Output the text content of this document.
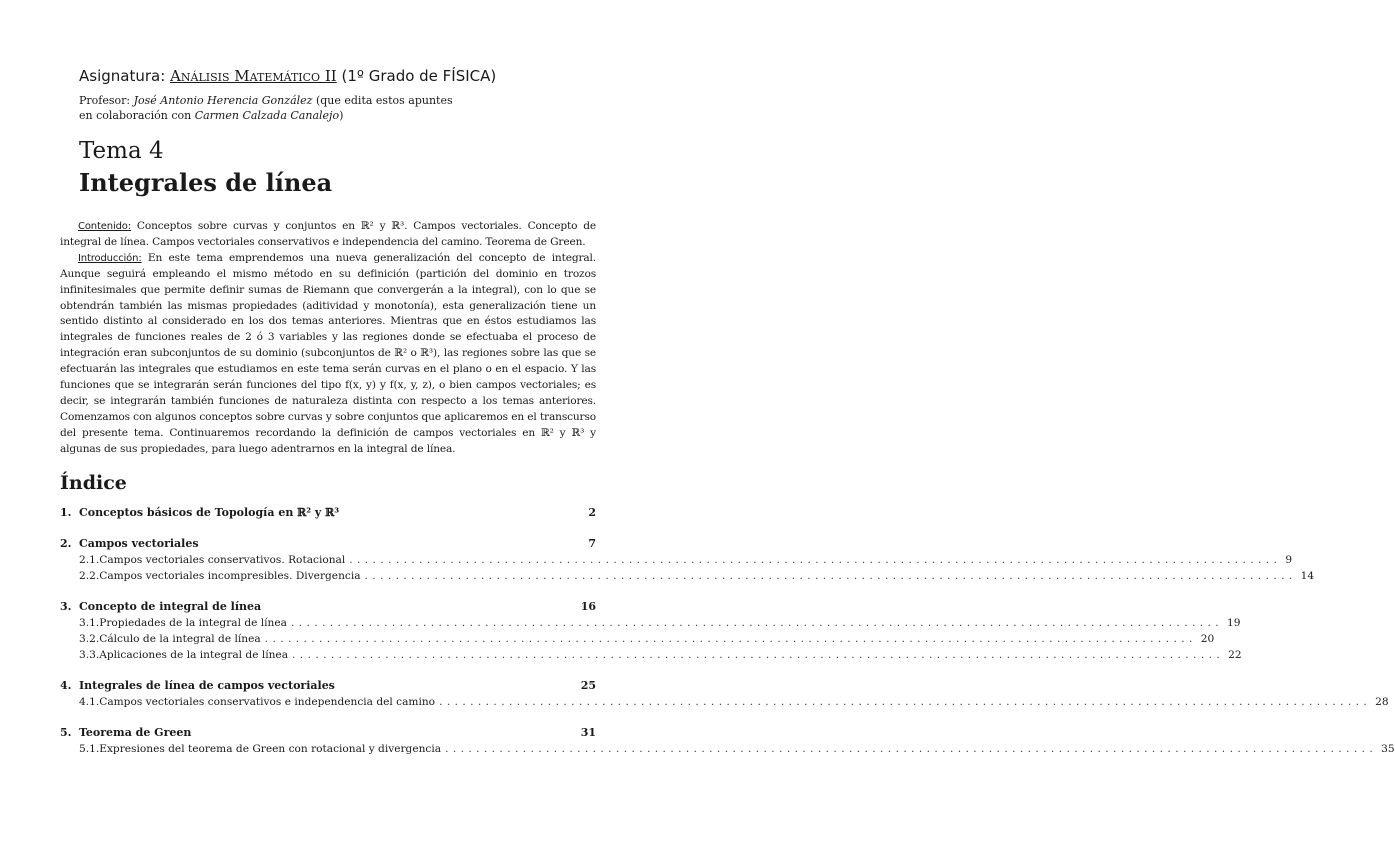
Asignatura: Análisis Matemático II (1º Grado de FÍSICA)
Profesor: José Antonio Herencia González (que edita estos apuntes
en colaboración con Carmen Calzada Canalejo)
Tema 4
Integrales de línea

Contenido: Conceptos sobre curvas y conjuntos en ℝ² y ℝ³. Campos vectoriales. Concepto de integral de línea. Campos vectoriales conservativos e independencia del camino. Teorema de Green.

Introducción: En este tema emprendemos una nueva generalización del concepto de integral. Aunque seguirá empleando el mismo método en su definición (partición del dominio en trozos infinitesimales que permite definir sumas de Riemann que convergerán a la integral), con lo que se obtendrán también las mismas propiedades (aditividad y monotonía), esta generalización tiene un sentido distinto al considerado en los dos temas anteriores. Mientras que en éstos estudiamos las integrales de funciones reales de 2 ó 3 variables y las regiones donde se efectuaba el proceso de integración eran subconjuntos de su dominio (subconjuntos de ℝ² o ℝ³), las regiones sobre las que se efectuarán las integrales que estudiamos en este tema serán curvas en el plano o en el espacio. Y las funciones que se integrarán serán funciones del tipo f(x, y) y f(x, y, z), o bien campos vectoriales; es decir, se integrarán también funciones de naturaleza distinta con respecto a los temas anteriores. Comenzamos con algunos conceptos sobre curvas y sobre conjuntos que aplicaremos en el transcurso del presente tema. Continuaremos recordando la definición de campos vectoriales en ℝ² y ℝ³ y algunas de sus propiedades, para luego adentrarnos en la integral de línea.

Índice
1. Conceptos básicos de Topología en ℝ² y ℝ³	2
2. Campos vectoriales	7
2.1. Campos vectoriales conservativos. Rotacional ........................................................................................................................ 9
2.2. Campos vectoriales incompresibles. Divergencia ........................................................................................................................ 14
3. Concepto de integral de línea	16
3.1. Propiedades de la integral de línea ........................................................................................................................ 19
3.2. Cálculo de la integral de línea ........................................................................................................................ 20
3.3. Aplicaciones de la integral de línea ........................................................................................................................ 22
4. Integrales de línea de campos vectoriales	25
4.1. Campos vectoriales conservativos e independencia del camino ........................................................................................................................ 28
5. Teorema de Green	31
5.1. Expresiones del teorema de Green con rotacional y divergencia ........................................................................................................................ 35
